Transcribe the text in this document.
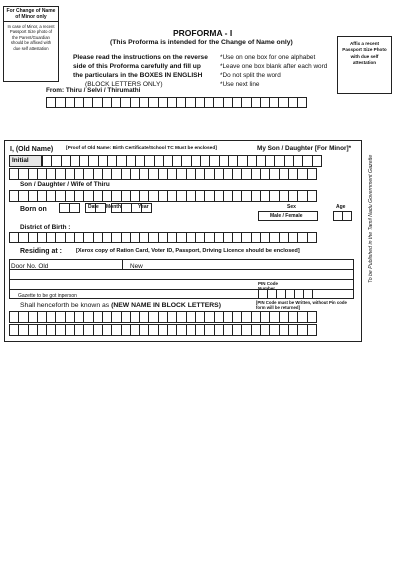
For Change of Name of Minor only
In case of Minor, a recent Passport Size photo of the Parent/Guardian should be affixed with due self attestation
Affix a recent Passport Size Photo with due self attestation
PROFORMA - I
(This Proforma is intended for the Change of Name only)
Please read the instructions on the reverse
side of this Proforma carefully and fill up
the particulars in the BOXES IN ENGLISH
(BLOCK LETTERS ONLY)
*Use on one box for one alphabet
*Leave one box blank after each word
*Do not split the word
*Use next line
From: Thiru / Selvi / Thirumathi
I, (Old Name)	[Proof of Old Name: Birth Certificate/School TC Must be enclosed]	My Son / Daughter [For Minor]*
Initial
Son / Daughter / Wife of Thiru
Born on	Date Month	Year	Sex
Male / Female
Age
District of Birth :
Residing at : [Xerox copy of Ration Card, Voter ID, Passport, Driving Licence should be enclosed]
Door No. Old	New
PIN Code
Shall henceforth be known as (NEW NAME IN BLOCK LETTERS)	[PIN Code must be Written, without Pin code form will be returned]
To be Published in the Tamil Nadu Government Gazette
Gazette to be got inperson
